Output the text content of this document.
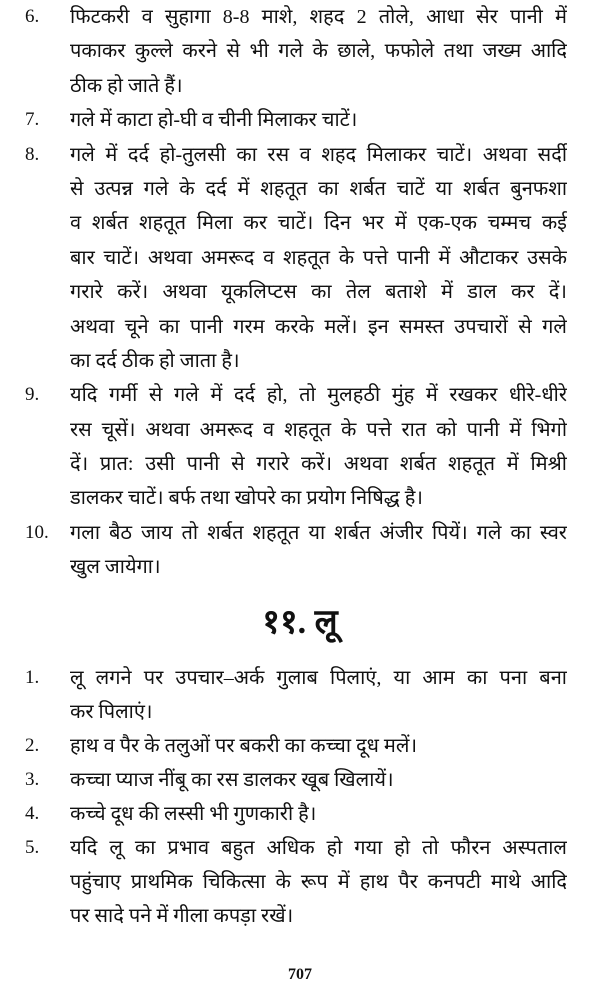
6. फिटकरी व सुहागा 8-8 माशे, शहद 2 तोले, आधा सेर पानी में
पकाकर कुल्ले करने से भी गले के छाले, फफोले तथा जख्म आदि
ठीक हो जाते हैं।
7. गले में काटा हो-घी व चीनी मिलाकर चाटें।
8. गले में दर्द हो-तुलसी का रस व शहद मिलाकर चाटें। अथवा सर्दी
से उत्पन्न गले के दर्द में शहतूत का शर्बत चाटें या शर्बत बुनफशा
व शर्बत शहतूत मिला कर चाटें। दिन भर में एक-एक चम्मच कई
बार चाटें। अथवा अमरूद व शहतूत के पत्ते पानी में औटाकर उसके
गरारे करें। अथवा यूकलिप्टस का तेल बताशे में डाल कर दें।
अथवा चूने का पानी गरम करके मलें। इन समस्त उपचारों से गले
का दर्द ठीक हो जाता है।
9. यदि गर्मी से गले में दर्द हो, तो मुलहठी मुंह में रखकर धीरे-धीरे
रस चूसें। अथवा अमरूद व शहतूत के पत्ते रात को पानी में भिगो
दें। प्रात: उसी पानी से गरारे करें। अथवा शर्बत शहतूत में मिश्री
डालकर चाटें। बर्फ तथा खोपरे का प्रयोग निषिद्ध है।
10. गला बैठ जाय तो शर्बत शहतूत या शर्बत अंजीर पियें। गले का स्वर
खुल जायेगा।
११. लू
1. लू लगने पर उपचार–अर्क गुलाब पिलाएं, या आम का पना बना
कर पिलाएं।
2. हाथ व पैर के तलुओं पर बकरी का कच्चा दूध मलें।
3. कच्चा प्याज नींबू का रस डालकर खूब खिलायें।
4. कच्चे दूध की लस्सी भी गुणकारी है।
5. यदि लू का प्रभाव बहुत अधिक हो गया हो तो फौरन अस्पताल
पहुंचाए प्राथमिक चिकित्सा के रूप में हाथ पैर कनपटी माथे आदि
पर सादे पने में गीला कपड़ा रखें।
707
